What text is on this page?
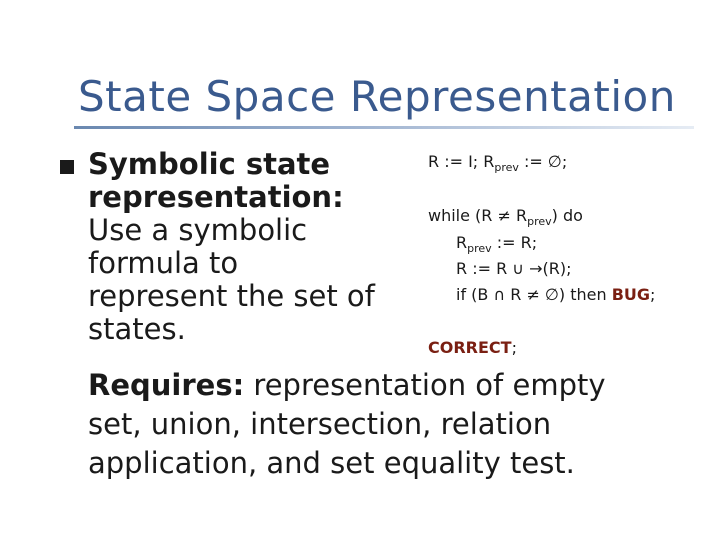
State Space Representation
Symbolic state
representation:
Use a symbolic
formula to
represent the set of
states.
R := I; $R_{prev}$ := ∅;
while $(R \ne R_{prev})$ do
$R_{prev}$ := R;
R := R ∪ →(R);
if (B ∩ R ≠ ∅) then BUG;
CORRECT;
Requires: representation of empty
set, union, intersection, relation
application, and set equality test.
